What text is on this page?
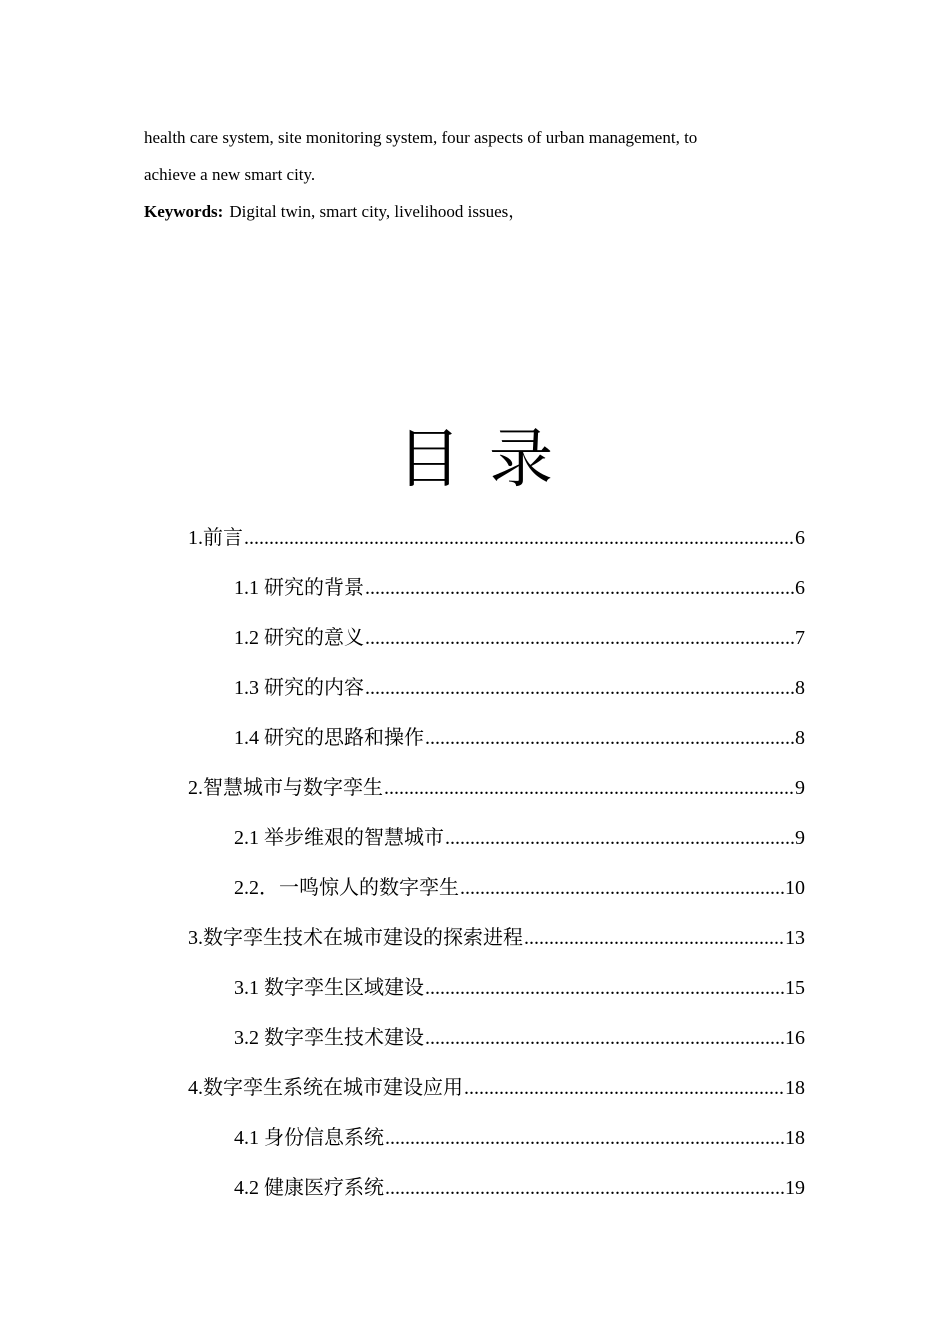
health care system, site monitoring system, four aspects of urban management, to
achieve a new smart city.
Keywords: Digital twin, smart city, livelihood issues，
目录
1.前言 .....	6
1.1 研究的背景 .....	6
1.2 研究的意义 .....	7
1.3 研究的内容 .....	8
1.4 研究的思路和操作 .....	8
2.智慧城市与数字孪生 .....	9
2.1 举步维艰的智慧城市 .....	9
2.2．一鸣惊人的数字孪生 .....	10
3.数字孪生技术在城市建设的探索进程 .....	13
3.1 数字孪生区域建设 .....	15
3.2 数字孪生技术建设 .....	16
4.数字孪生系统在城市建设应用 .....	18
4.1 身份信息系统 .....	18
4.2 健康医疗系统 .....	19
